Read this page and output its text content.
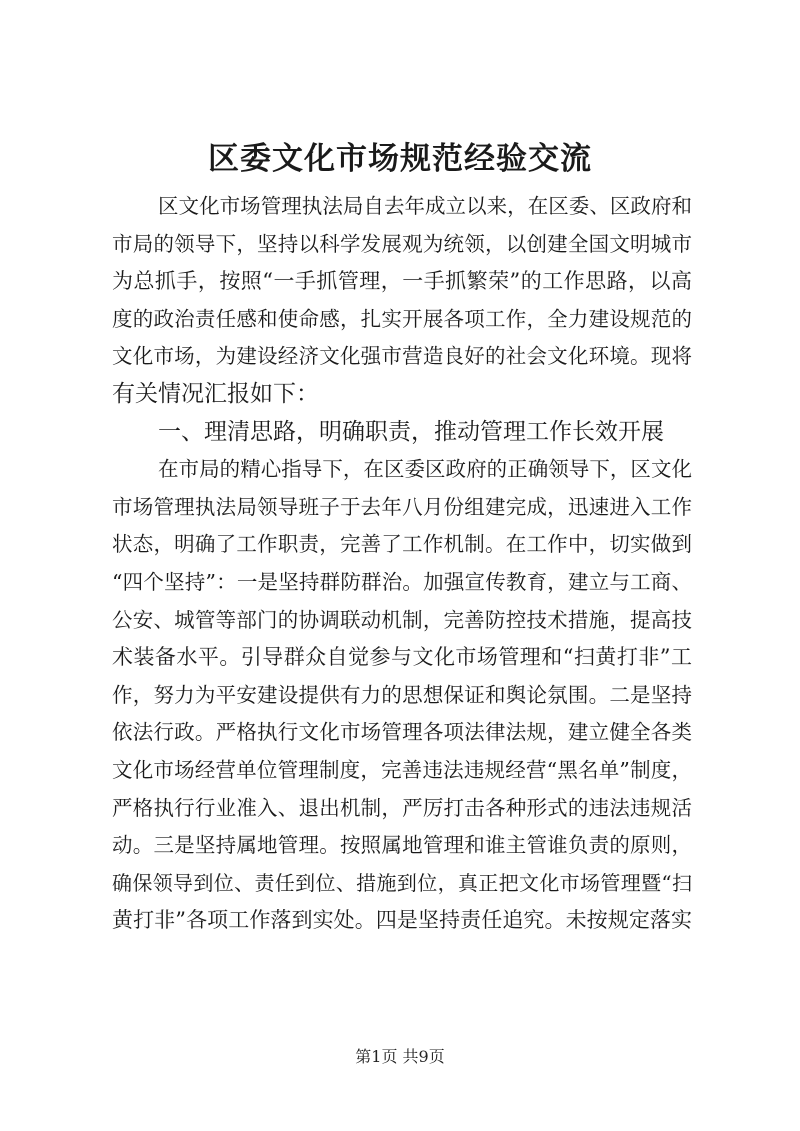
区委文化市场规范经验交流
区文化市场管理执法局自去年成立以来，在区委、区政府和
市局的领导下，坚持以科学发展观为统领，以创建全国文明城市
为总抓手，按照“一手抓管理，一手抓繁荣”的工作思路，以高
度的政治责任感和使命感，扎实开展各项工作，全力建设规范的
文化市场，为建设经济文化强市营造良好的社会文化环境。现将
有关情况汇报如下：
一、理清思路，明确职责，推动管理工作长效开展
在市局的精心指导下，在区委区政府的正确领导下，区文化
市场管理执法局领导班子于去年八月份组建完成，迅速进入工作
状态，明确了工作职责，完善了工作机制。在工作中，切实做到
“四个坚持”：一是坚持群防群治。加强宣传教育，建立与工商、
公安、城管等部门的协调联动机制，完善防控技术措施，提高技
术装备水平。引导群众自觉参与文化市场管理和“扫黄打非”工
作，努力为平安建设提供有力的思想保证和舆论氛围。二是坚持
依法行政。严格执行文化市场管理各项法律法规，建立健全各类
文化市场经营单位管理制度，完善违法违规经营“黑名单”制度，
严格执行行业准入、退出机制，严厉打击各种形式的违法违规活
动。三是坚持属地管理。按照属地管理和谁主管谁负责的原则，
确保领导到位、责任到位、措施到位，真正把文化市场管理暨“扫
黄打非”各项工作落到实处。四是坚持责任追究。未按规定落实
第1页 共9页
